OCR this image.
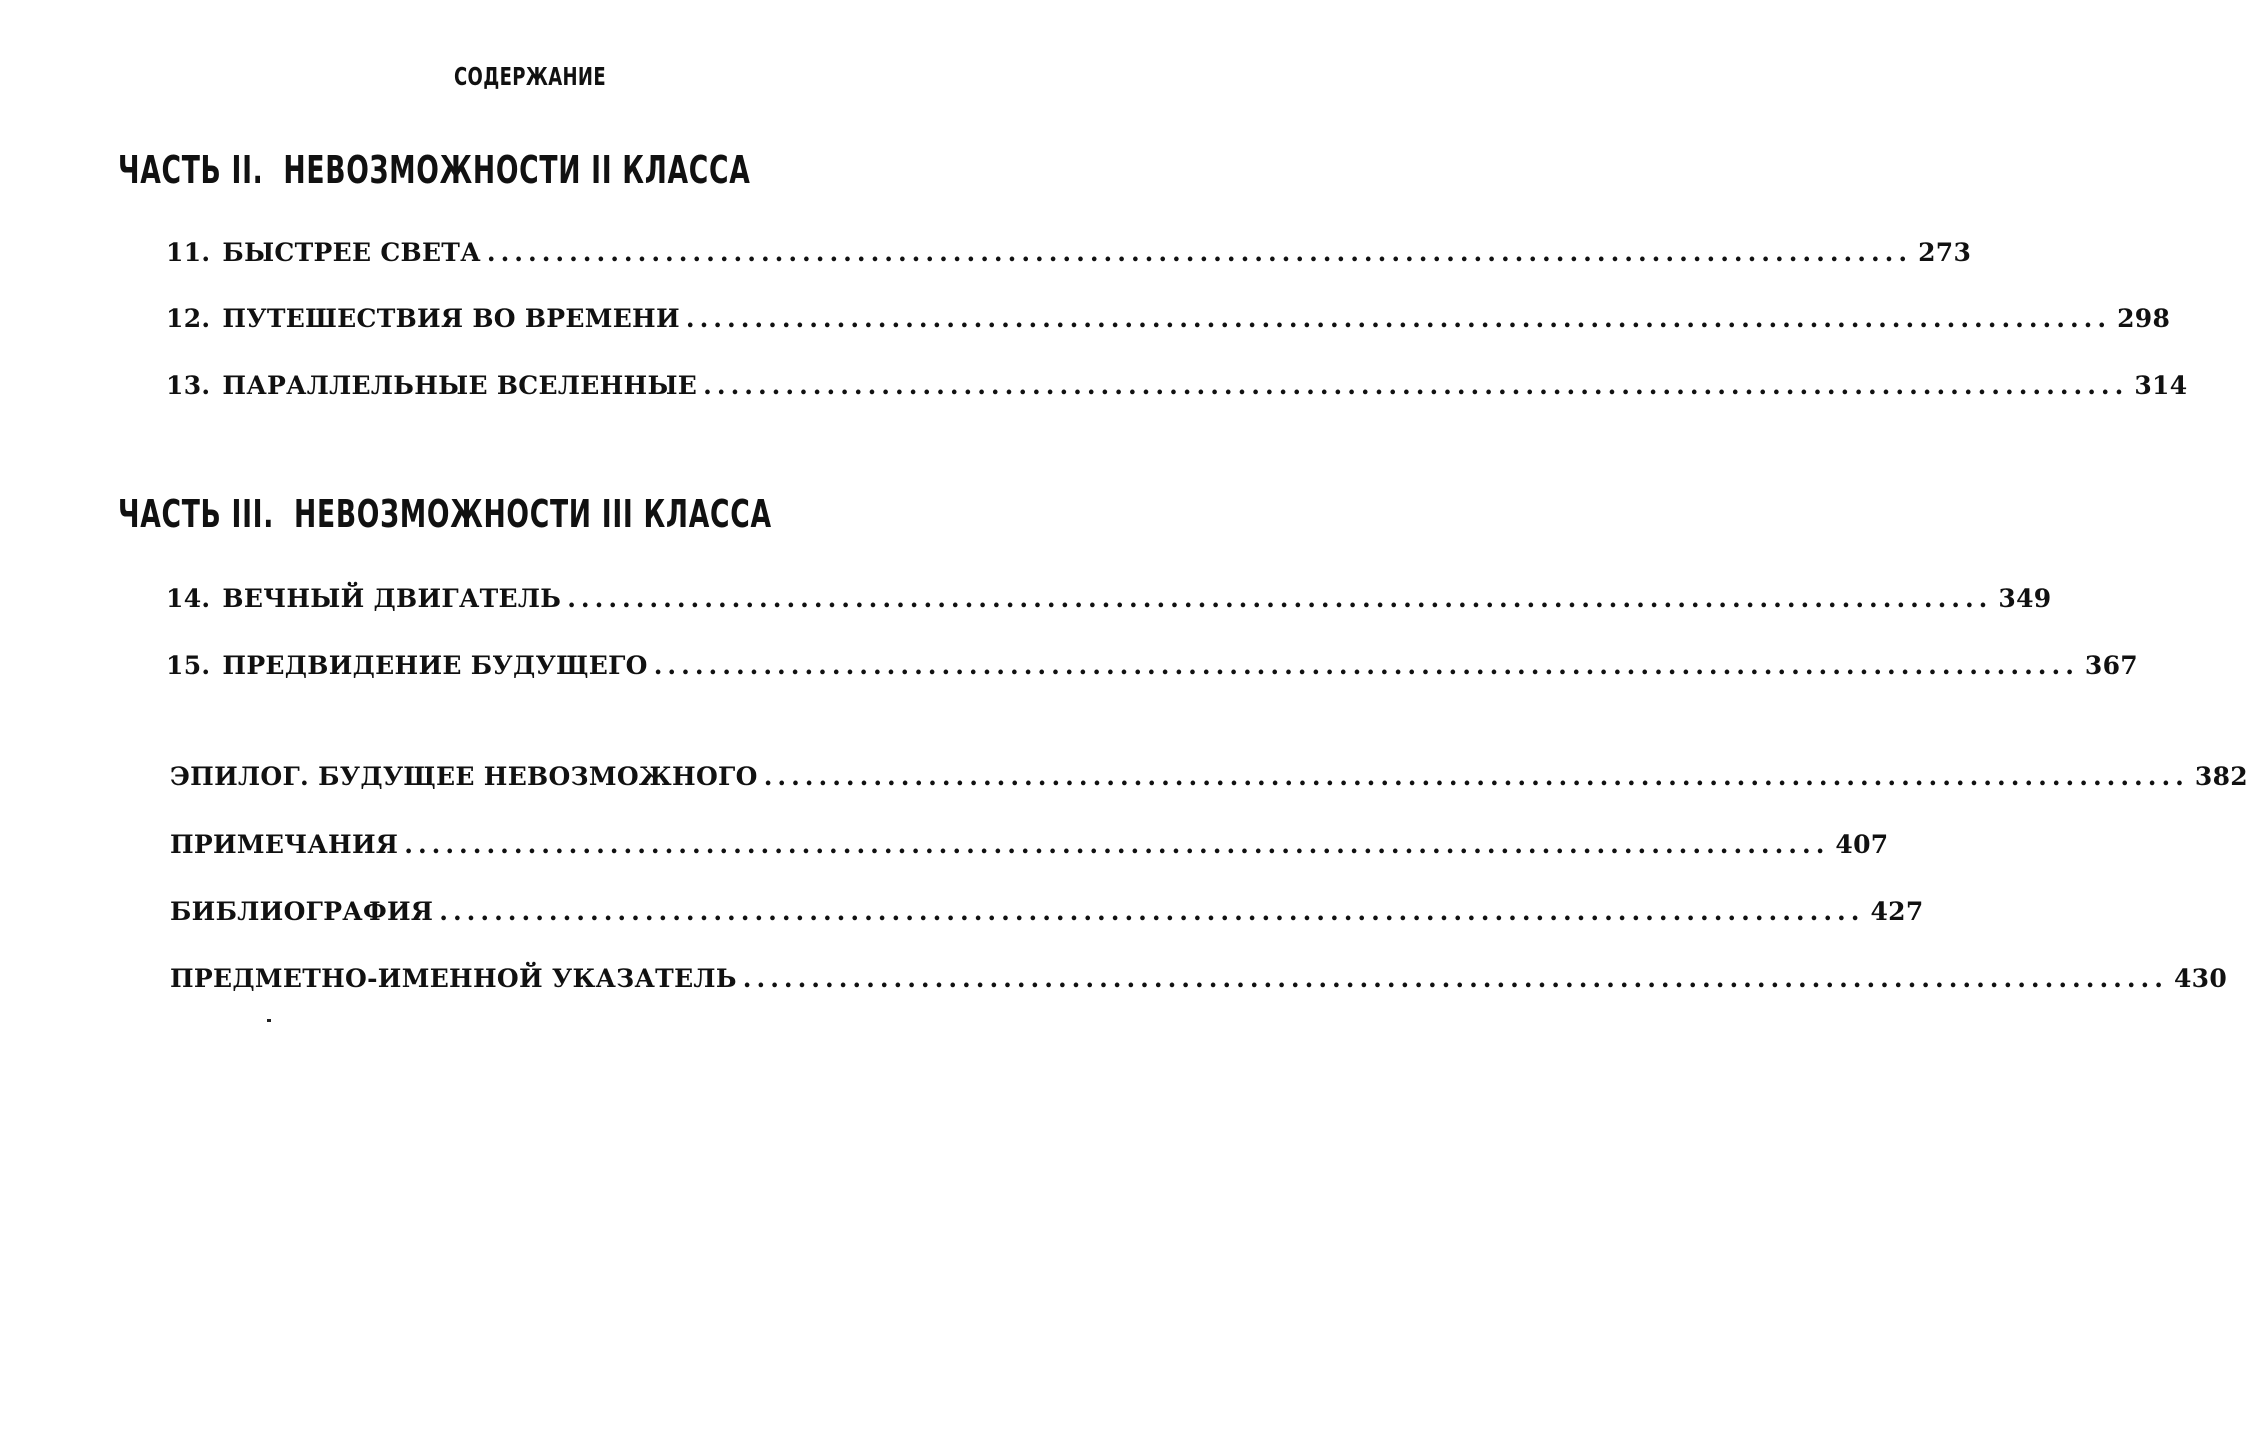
СОДЕРЖАНИЕ
ЧАСТЬ II.  НЕВОЗМОЖНОСТИ II КЛАССА
11. БЫСТРЕЕ СВЕТА ........................................................................................................ 273
12. ПУТЕШЕСТВИЯ ВО ВРЕМЕНИ ........................................................................................................ 298
13. ПАРАЛЛЕЛЬНЫЕ ВСЕЛЕННЫЕ ........................................................................................................ 314
ЧАСТЬ III.  НЕВОЗМОЖНОСТИ III КЛАССА
14. ВЕЧНЫЙ ДВИГАТЕЛЬ ........................................................................................................ 349
15. ПРЕДВИДЕНИЕ БУДУЩЕГО ........................................................................................................ 367
ЭПИЛОГ. БУДУЩЕЕ НЕВОЗМОЖНОГО ........................................................................................................ 382
ПРИМЕЧАНИЯ ........................................................................................................ 407
БИБЛИОГРАФИЯ ........................................................................................................ 427
ПРЕДМЕТНО-ИМЕННОЙ УКАЗАТЕЛЬ ........................................................................................................ 430
